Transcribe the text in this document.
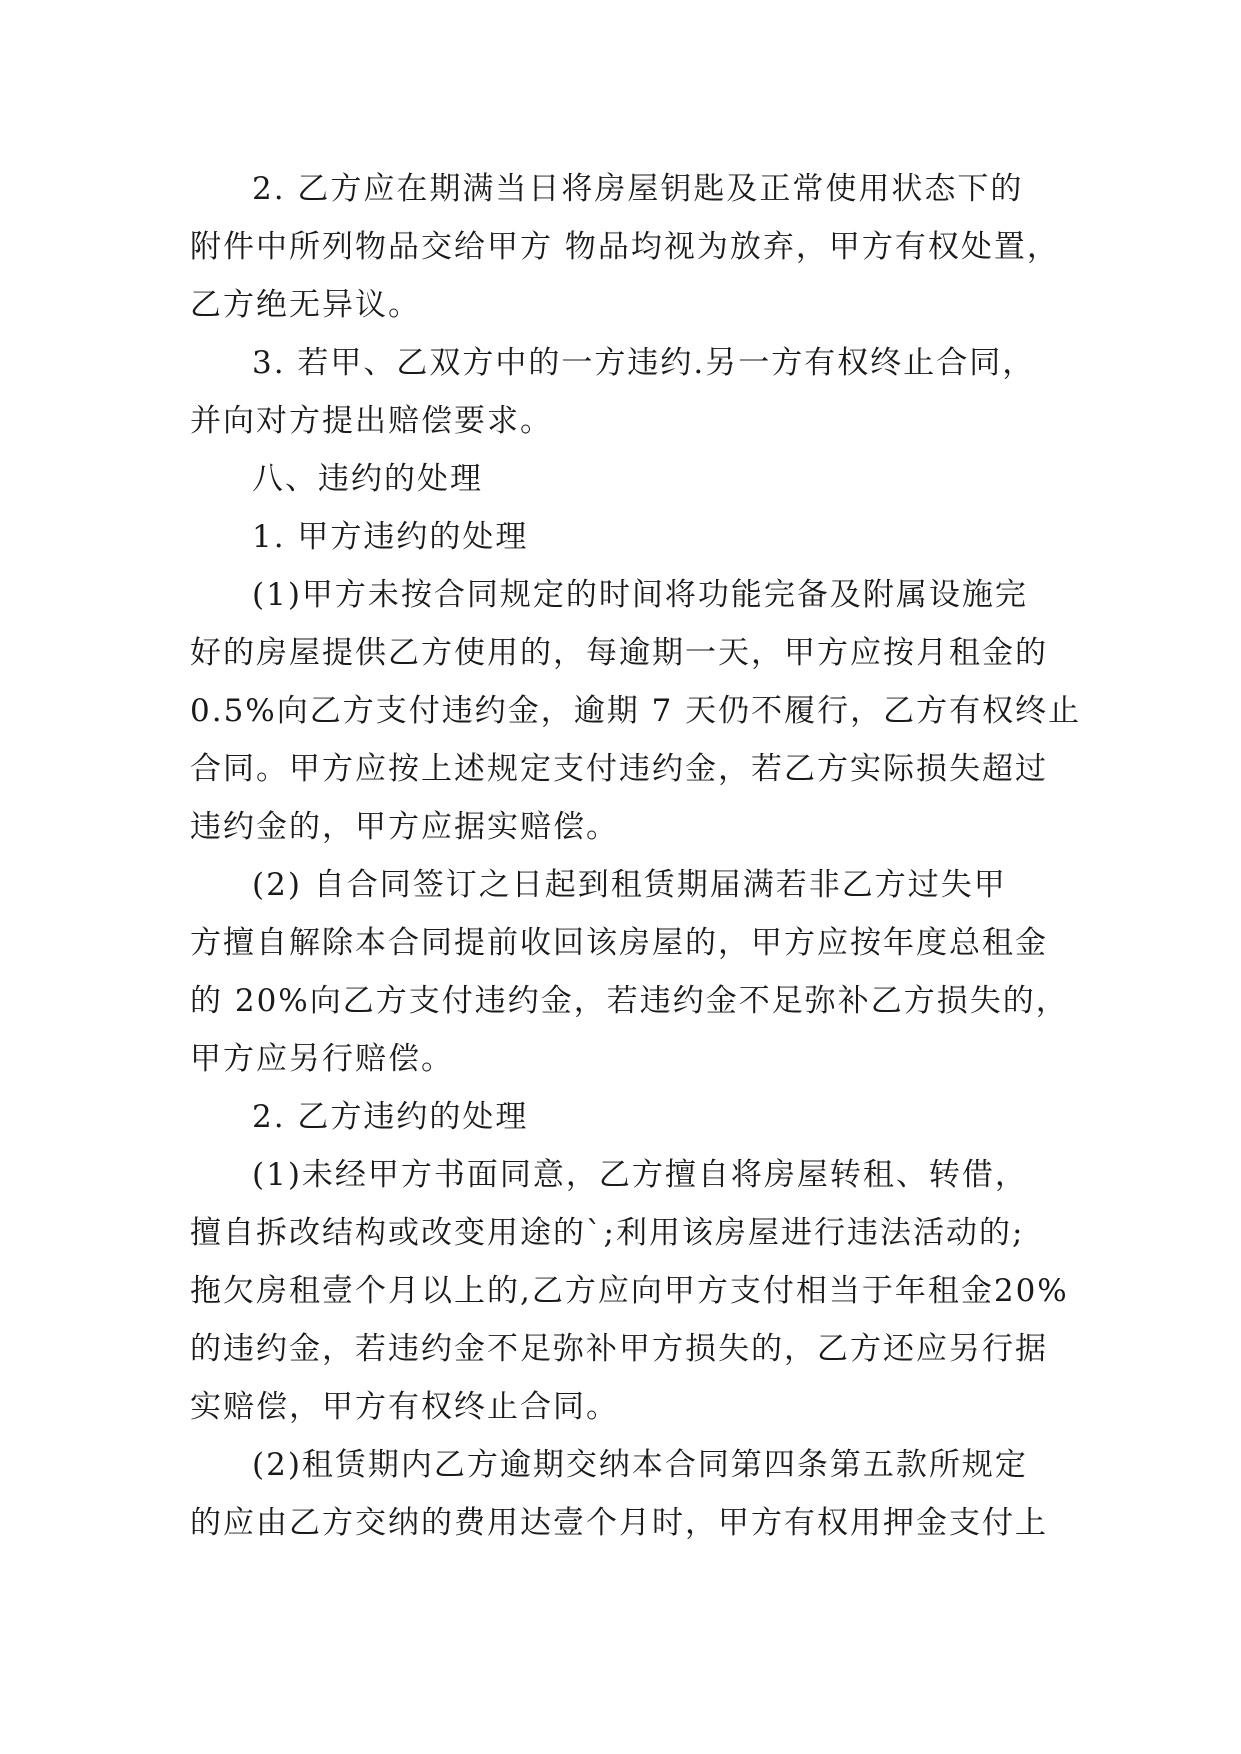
2. 乙方应在期满当日将房屋钥匙及正常使用状态下的
附件中所列物品交给甲方 物品均视为放弃，甲方有权处置，
乙方绝无异议。
3. 若甲、乙双方中的一方违约.另一方有权终止合同，
并向对方提出赔偿要求。
八、违约的处理
1. 甲方违约的处理
(1)甲方未按合同规定的时间将功能完备及附属设施完
好的房屋提供乙方使用的，每逾期一天，甲方应按月租金的
0.5%向乙方支付违约金，逾期 7 天仍不履行，乙方有权终止
合同。甲方应按上述规定支付违约金，若乙方实际损失超过
违约金的，甲方应据实赔偿。
(2) 自合同签订之日起到租赁期届满若非乙方过失甲
方擅自解除本合同提前收回该房屋的，甲方应按年度总租金
的 20%向乙方支付违约金，若违约金不足弥补乙方损失的，
甲方应另行赔偿。
2. 乙方违约的处理
(1)未经甲方书面同意，乙方擅自将房屋转租、转借，
擅自拆改结构或改变用途的`;利用该房屋进行违法活动的;
拖欠房租壹个月以上的,乙方应向甲方支付相当于年租金20%
的违约金，若违约金不足弥补甲方损失的，乙方还应另行据
实赔偿，甲方有权终止合同。
(2)租赁期内乙方逾期交纳本合同第四条第五款所规定
的应由乙方交纳的费用达壹个月时，甲方有权用押金支付上
